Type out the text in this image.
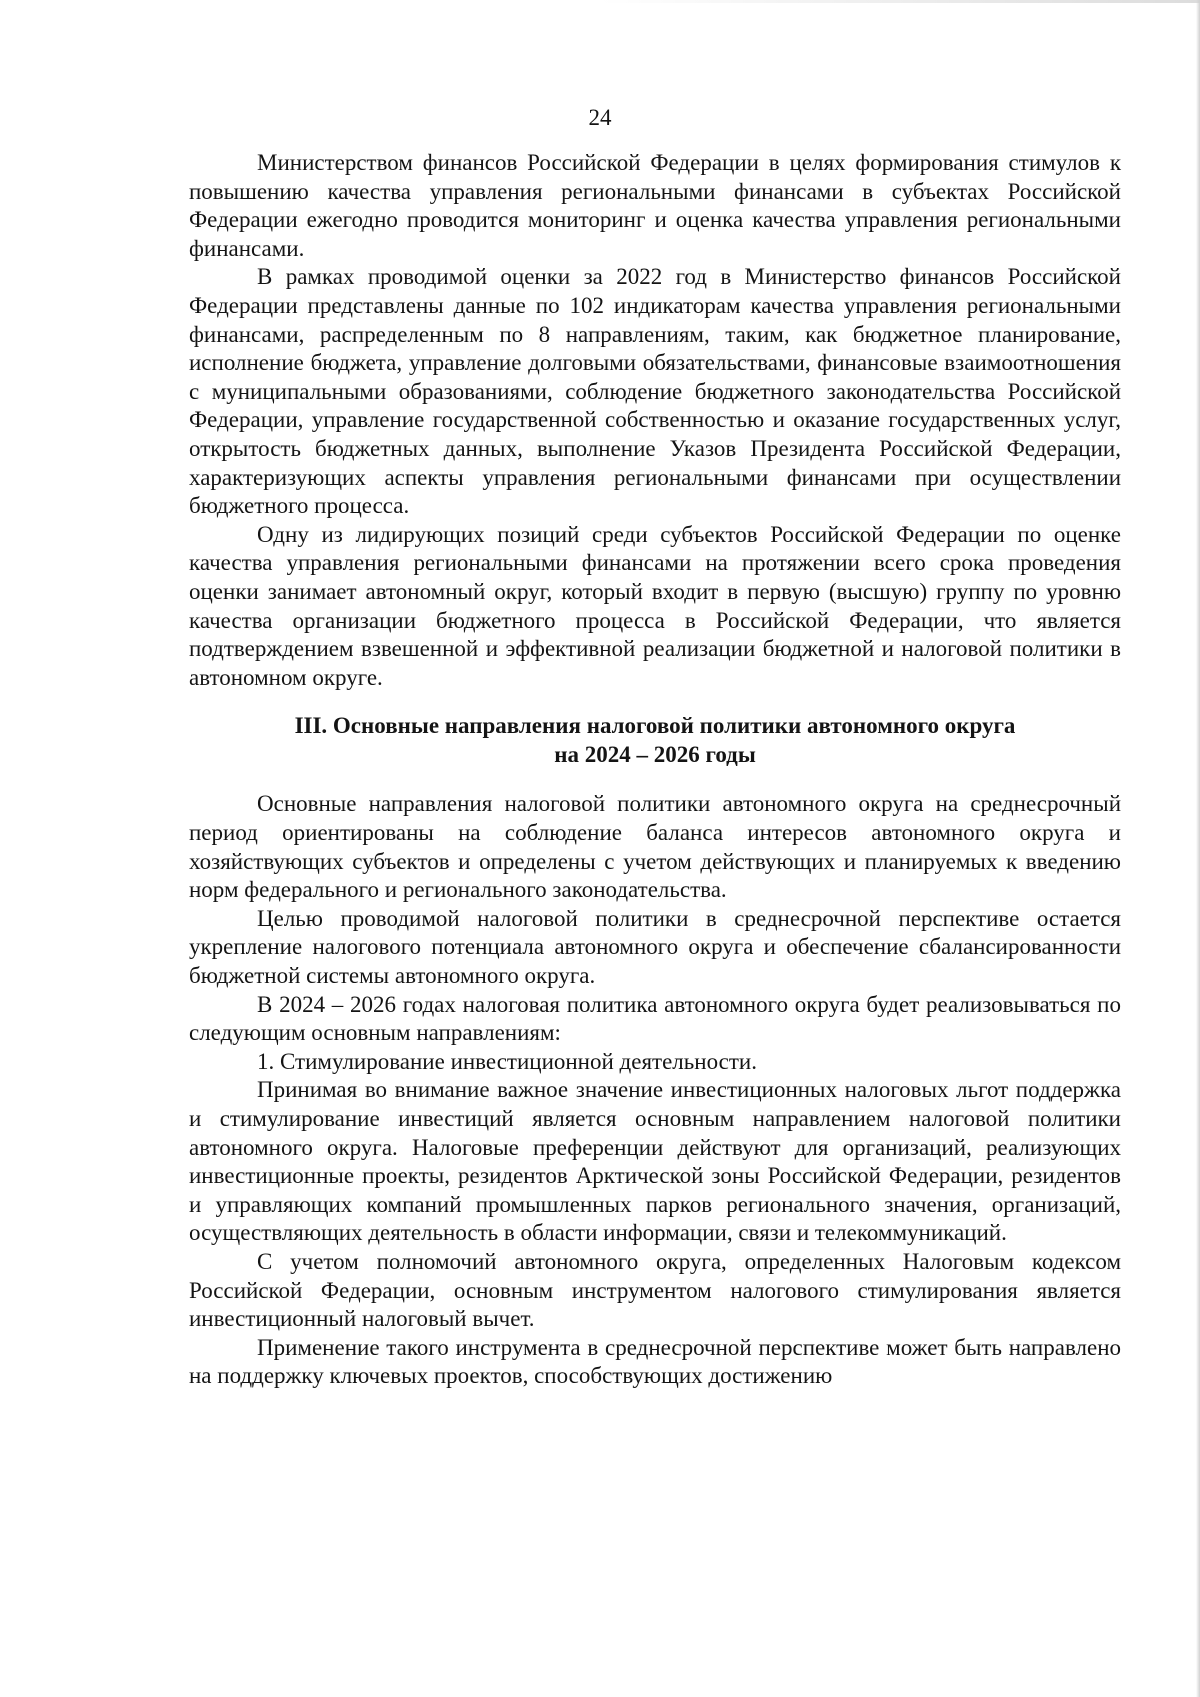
24

Министерством финансов Российской Федерации в целях формирования стимулов к повышению качества управления региональными финансами в субъектах Российской Федерации ежегодно проводится мониторинг и оценка качества управления региональными финансами.

В рамках проводимой оценки за 2022 год в Министерство финансов Российской Федерации представлены данные по 102 индикаторам качества управления региональными финансами, распределенным по 8 направлениям, таким, как бюджетное планирование, исполнение бюджета, управление долговыми обязательствами, финансовые взаимоотношения с муниципальными образованиями, соблюдение бюджетного законодательства Российской Федерации, управление государственной собственностью и оказание государственных услуг, открытость бюджетных данных, выполнение Указов Президента Российской Федерации, характеризующих аспекты управления региональными финансами при осуществлении бюджетного процесса.

Одну из лидирующих позиций среди субъектов Российской Федерации по оценке качества управления региональными финансами на протяжении всего срока проведения оценки занимает автономный округ, который входит в первую (высшую) группу по уровню качества организации бюджетного процесса в Российской Федерации, что является подтверждением взвешенной и эффективной реализации бюджетной и налоговой политики в автономном округе.

III. Основные направления налоговой политики автономного округа
на 2024 – 2026 годы

Основные направления налоговой политики автономного округа на среднесрочный период ориентированы на соблюдение баланса интересов автономного округа и хозяйствующих субъектов и определены с учетом действующих и планируемых к введению норм федерального и регионального законодательства.

Целью проводимой налоговой политики в среднесрочной перспективе остается укрепление налогового потенциала автономного округа и обеспечение сбалансированности бюджетной системы автономного округа.

В 2024 – 2026 годах налоговая политика автономного округа будет реализовываться по следующим основным направлениям:

1. Стимулирование инвестиционной деятельности.

Принимая во внимание важное значение инвестиционных налоговых льгот поддержка и стимулирование инвестиций является основным направлением налоговой политики автономного округа. Налоговые преференции действуют для организаций, реализующих инвестиционные проекты, резидентов Арктической зоны Российской Федерации, резидентов и управляющих компаний промышленных парков регионального значения, организаций, осуществляющих деятельность в области информации, связи и телекоммуникаций.

С учетом полномочий автономного округа, определенных Налоговым кодексом Российской Федерации, основным инструментом налогового стимулирования является инвестиционный налоговый вычет.

Применение такого инструмента в среднесрочной перспективе может быть направлено на поддержку ключевых проектов, способствующих достижению
